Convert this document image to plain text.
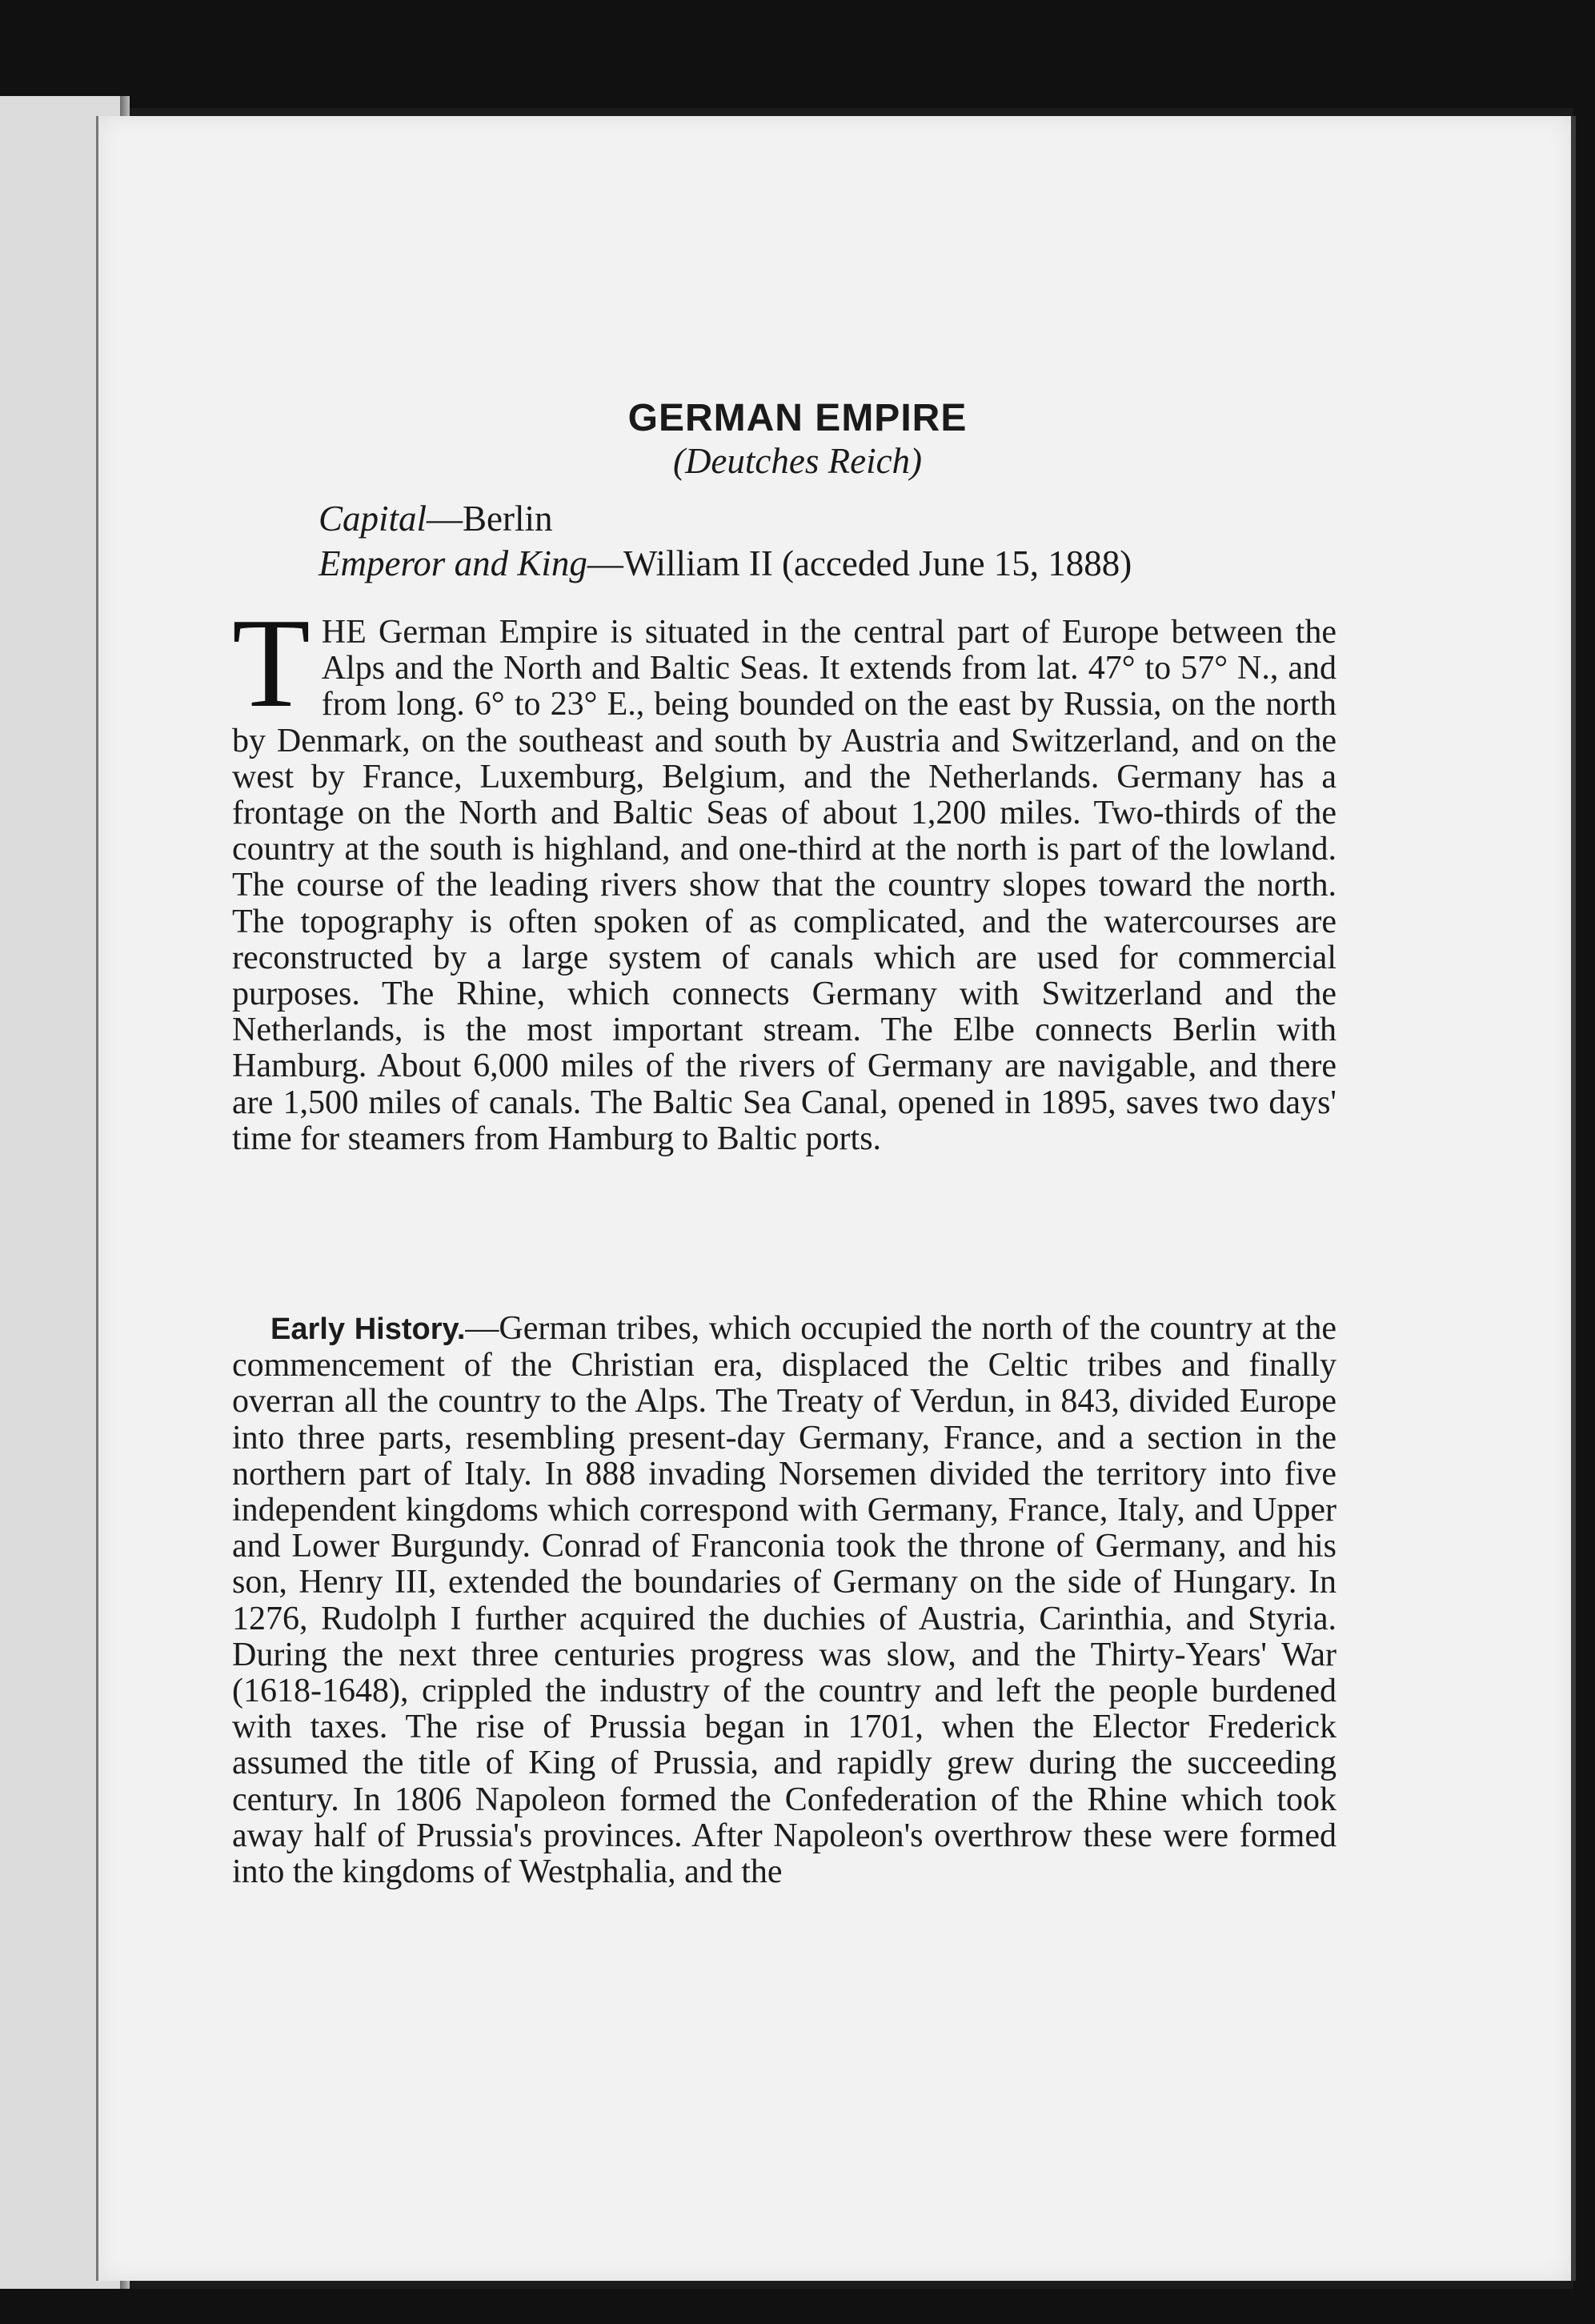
GERMAN EMPIRE
(Deutches Reich)
Capital—Berlin
Emperor and King—William II (acceded June 15, 1888)
THE German Empire is situated in the central part of Europe between the Alps and the North and Baltic Seas. It extends from lat. 47° to 57° N., and from long. 6° to 23° E., being bounded on the east by Russia, on the north by Denmark, on the southeast and south by Austria and Switzerland, and on the west by France, Luxemburg, Belgium, and the Netherlands. Germany has a frontage on the North and Baltic Seas of about 1,200 miles. Two-thirds of the country at the south is highland, and one-third at the north is part of the lowland. The course of the leading rivers show that the country slopes toward the north. The topography is often spoken of as complicated, and the watercourses are reconstructed by a large system of canals which are used for commercial purposes. The Rhine, which connects Germany with Switzerland and the Netherlands, is the most important stream. The Elbe connects Berlin with Hamburg. About 6,000 miles of the rivers of Germany are navigable, and there are 1,500 miles of canals. The Baltic Sea Canal, opened in 1895, saves two days' time for steamers from Hamburg to Baltic ports.
Early History.—German tribes, which occupied the north of the country at the commencement of the Christian era, displaced the Celtic tribes and finally overran all the country to the Alps. The Treaty of Verdun, in 843, divided Europe into three parts, resembling present-day Germany, France, and a section in the northern part of Italy. In 888 invading Norsemen divided the territory into five independent kingdoms which correspond with Germany, France, Italy, and Upper and Lower Burgundy. Conrad of Franconia took the throne of Germany, and his son, Henry III, extended the boundaries of Germany on the side of Hungary. In 1276, Rudolph I further acquired the duchies of Austria, Carinthia, and Styria. During the next three centuries progress was slow, and the Thirty-Years' War (1618-1648), crippled the industry of the country and left the people burdened with taxes. The rise of Prussia began in 1701, when the Elector Frederick assumed the title of King of Prussia, and rapidly grew during the succeeding century. In 1806 Napoleon formed the Confederation of the Rhine which took away half of Prussia's provinces. After Napoleon's overthrow these were formed into the kingdoms of Westphalia, and the
